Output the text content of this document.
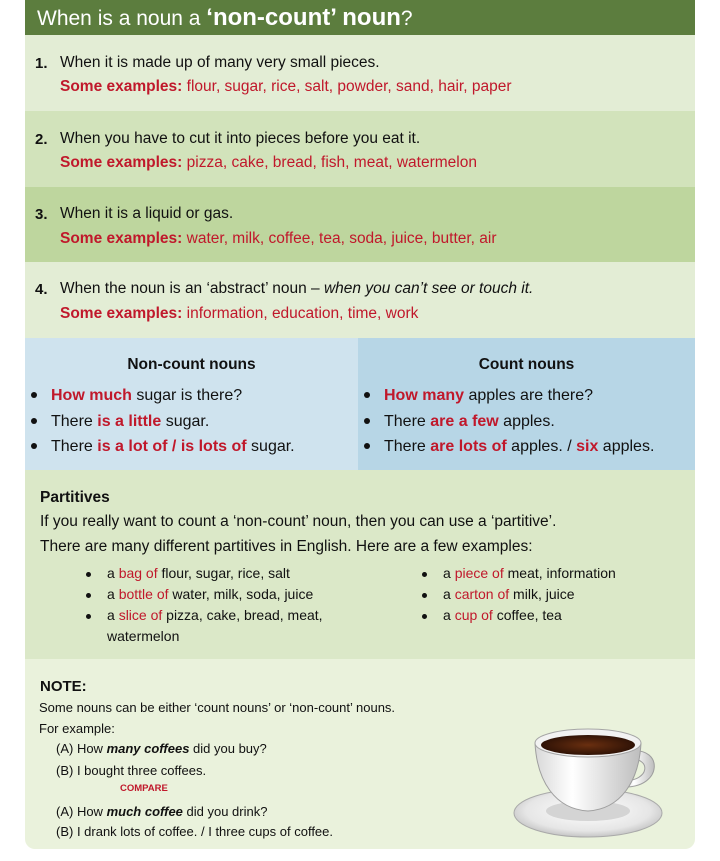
When is a noun a ‘non-count’ noun?
1. When it is made up of many very small pieces.
Some examples: flour, sugar, rice, salt, powder, sand, hair, paper
2. When you have to cut it into pieces before you eat it.
Some examples: pizza, cake, bread, fish, meat, watermelon
3. When it is a liquid or gas.
Some examples: water, milk, coffee, tea, soda, juice, butter, air
4. When the noun is an ‘abstract’ noun – when you can’t see or touch it.
Some examples: information, education, time, work
Non-count nouns
How much sugar is there?
There is a little sugar.
There is a lot of / is lots of sugar.
Count nouns
How many apples are there?
There are a few apples.
There are lots of apples. / six apples.
Partitives
If you really want to count a ‘non-count’ noun, then you can use a ‘partitive’.
There are many different partitives in English. Here are a few examples:
a bag of flour, sugar, rice, salt
a bottle of water, milk, soda, juice
a slice of pizza, cake, bread, meat,
watermelon
a piece of meat, information
a carton of milk, juice
a cup of coffee, tea
NOTE:
Some nouns can be either ‘count nouns’ or ‘non-count’ nouns.
For example:
(A) How many coffees did you buy?
(B) I bought three coffees.
COMPARE
(A) How much coffee did you drink?
(B) I drank lots of coffee. / I three cups of coffee.
